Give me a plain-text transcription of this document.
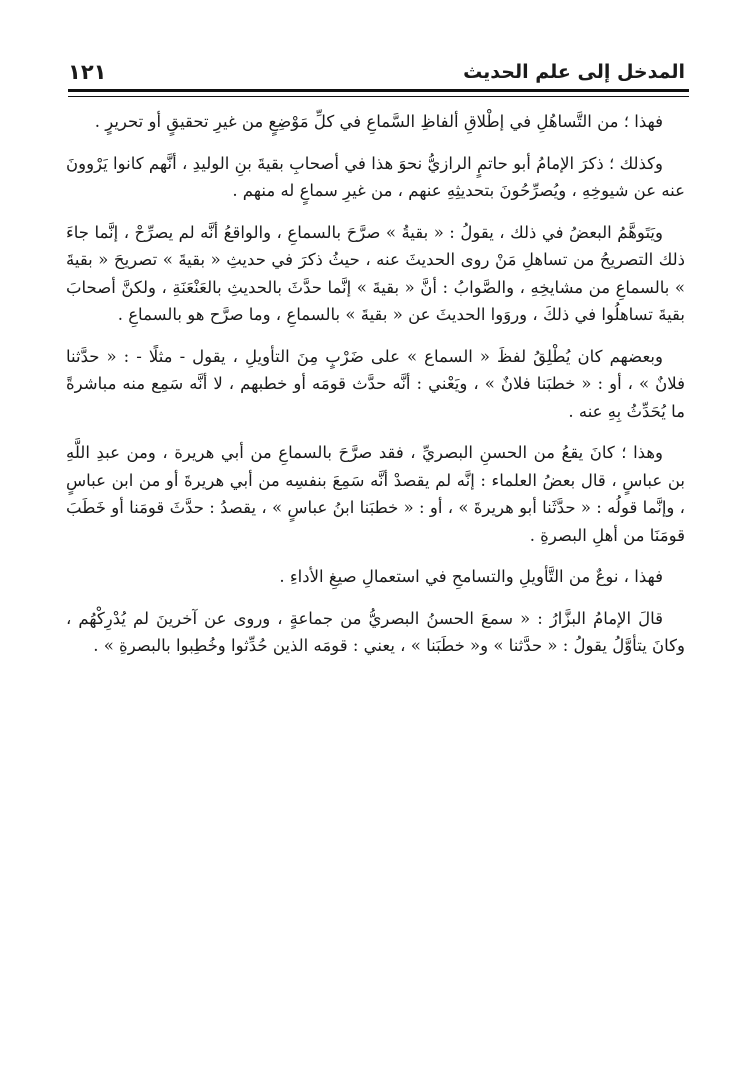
المدخل إلى علم الحديث
١٢١

فهذا ؛ من التَّساهُلِ في إطْلاقِ ألفاظِ السَّماعِ في كلِّ مَوْضِعٍ من غيرِ تحقيقٍ أو تحريرٍ .

وكذلك ؛ ذكرَ الإمامُ أبو حاتمٍ الرازيُّ نحوَ هذا في أصحابِ بقيةَ بنِ الوليدِ ، أنَّهم كانوا يَرْوونَ عنه عن شيوخِهِ ، ويُصرِّحُونَ بتحديثِهِ عنهم ، من غيرِ سماعٍ له منهم .

ويَتَوهَّمُ البعضُ في ذلك ، يقولُ : « بقيةُ » صرَّحَ بالسماعِ ، والواقعُ أنَّه لم يصرِّحْ ، إنَّما جاءَ ذلك التصريحُ من تساهلِ مَنْ روى الحديثَ عنه ، حيثُ ذكرَ في حديثِ « بقيةَ » تصريحَ « بقيةَ » بالسماعِ من مشايخِهِ ، والصَّوابُ : أنَّ « بقيةَ » إنَّما حدَّثَ بالحديثِ بالعَنْعَنَةِ ، ولكنَّ أصحابَ بقيةَ تساهلُوا في ذلكَ ، وروَوا الحديثَ عن « بقيةَ » بالسماعِ ، وما صرَّح هو بالسماعِ .

وبعضهم كان يُطْلِقُ لفظَ « السماع » على ضَرْبٍ مِنَ التأويلِ ، يقول - مثلًا - : « حدَّثنا فلانٌ » ، أو : « خطبَنا فلانٌ » ، ويَعْني : أنَّه حدَّث قومَه أو خطبهم ، لا أنَّه سَمِع منه مباشرةً ما يُحَدِّثُ بِهِ عنه .

وهذا ؛ كانَ يقعُ من الحسنِ البصريِّ ، فقد صرَّحَ بالسماعِ من أبي هريرة ، ومن عبدِ اللَّهِ بن عباسٍ ، قال بعضُ العلماء : إنَّه لم يقصدْ أنَّه سَمِعَ بنفسِه من أبي هريرةَ أو من ابن عباسٍ ، وإنَّما قولُه : « حدَّثَنا أبو هريرةَ » ، أو : « خطبَنا ابنُ عباسٍ » ، يقصدُ : حدَّثَ قومَنا أو خَطَبَ قومَنَا من أهلِ البصرةِ .

فهذا ، نوعٌ من التَّأويلِ والتسامحِ في استعمالِ صيغِ الأداءِ .

قالَ الإمامُ البزَّارُ : « سمعَ الحسنُ البصريُّ من جماعةٍ ، وروى عن آخرينَ لم يُدْرِكْهُم ، وكانَ يتأوَّلُ يقولُ : « حدَّثنا » و« خطَبَنا » ، يعني : قومَه الذين حُدِّثوا وخُطِبوا بالبصرةِ » .
